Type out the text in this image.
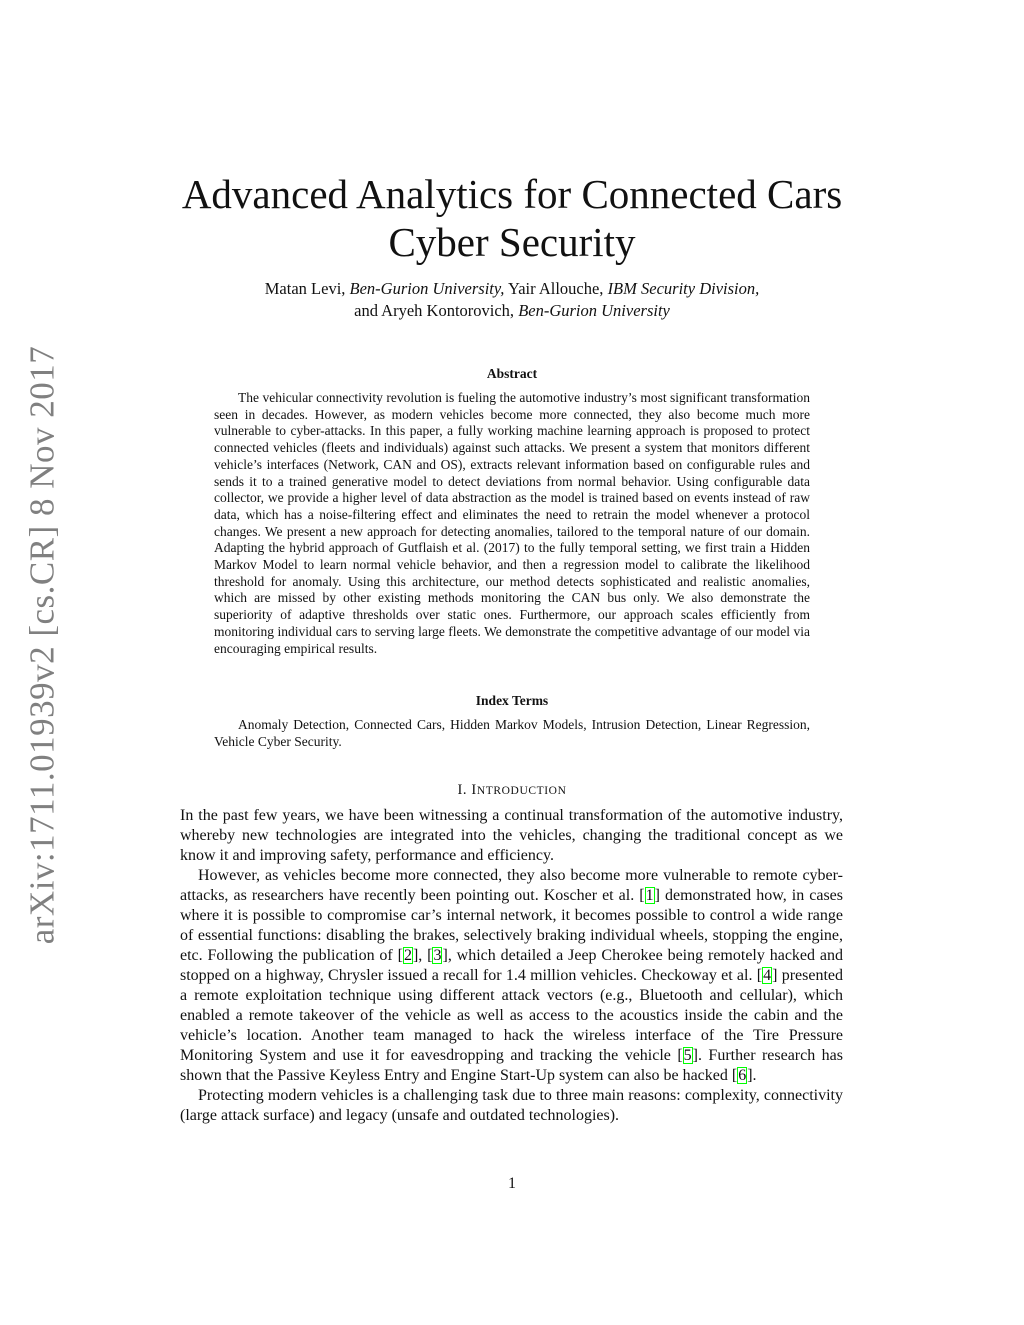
arXiv:1711.01939v2 [cs.CR] 8 Nov 2017
Advanced Analytics for Connected Cars Cyber Security
Matan Levi, Ben-Gurion University, Yair Allouche, IBM Security Division,
and Aryeh Kontorovich, Ben-Gurion University
Abstract

The vehicular connectivity revolution is fueling the automotive industry’s most significant transformation seen in decades. However, as modern vehicles become more connected, they also become much more vulnerable to cyber-attacks. In this paper, a fully working machine learning approach is proposed to protect connected vehicles (fleets and individuals) against such attacks. We present a system that monitors different vehicle’s interfaces (Network, CAN and OS), extracts relevant information based on configurable rules and sends it to a trained generative model to detect deviations from normal behavior. Using configurable data collector, we provide a higher level of data abstraction as the model is trained based on events instead of raw data, which has a noise-filtering effect and eliminates the need to retrain the model whenever a protocol changes. We present a new approach for detecting anomalies, tailored to the temporal nature of our domain. Adapting the hybrid approach of Gutflaish et al. (2017) to the fully temporal setting, we first train a Hidden Markov Model to learn normal vehicle behavior, and then a regression model to calibrate the likelihood threshold for anomaly. Using this architecture, our method detects sophisticated and realistic anomalies, which are missed by other existing methods monitoring the CAN bus only. We also demonstrate the superiority of adaptive thresholds over static ones. Furthermore, our approach scales efficiently from monitoring individual cars to serving large fleets. We demonstrate the competitive advantage of our model via encouraging empirical results.

Index Terms

Anomaly Detection, Connected Cars, Hidden Markov Models, Intrusion Detection, Linear Regression, Vehicle Cyber Security.

I. INTRODUCTION

In the past few years, we have been witnessing a continual transformation of the automotive industry, whereby new technologies are integrated into the vehicles, changing the traditional concept as we know it and improving safety, performance and efficiency.

However, as vehicles become more connected, they also become more vulnerable to remote cyber-attacks, as researchers have recently been pointing out. Koscher et al. [1] demonstrated how, in cases where it is possible to compromise car’s internal network, it becomes possible to control a wide range of essential functions: disabling the brakes, selectively braking individual wheels, stopping the engine, etc. Following the publication of [2], [3], which detailed a Jeep Cherokee being remotely hacked and stopped on a highway, Chrysler issued a recall for 1.4 million vehicles. Checkoway et al. [4] presented a remote exploitation technique using different attack vectors (e.g., Bluetooth and cellular), which enabled a remote takeover of the vehicle as well as access to the acoustics inside the cabin and the vehicle’s location. Another team managed to hack the wireless interface of the Tire Pressure Monitoring System and use it for eavesdropping and tracking the vehicle [5]. Further research has shown that the Passive Keyless Entry and Engine Start-Up system can also be hacked [6].

Protecting modern vehicles is a challenging task due to three main reasons: complexity, connectivity (large attack surface) and legacy (unsafe and outdated technologies).

1
